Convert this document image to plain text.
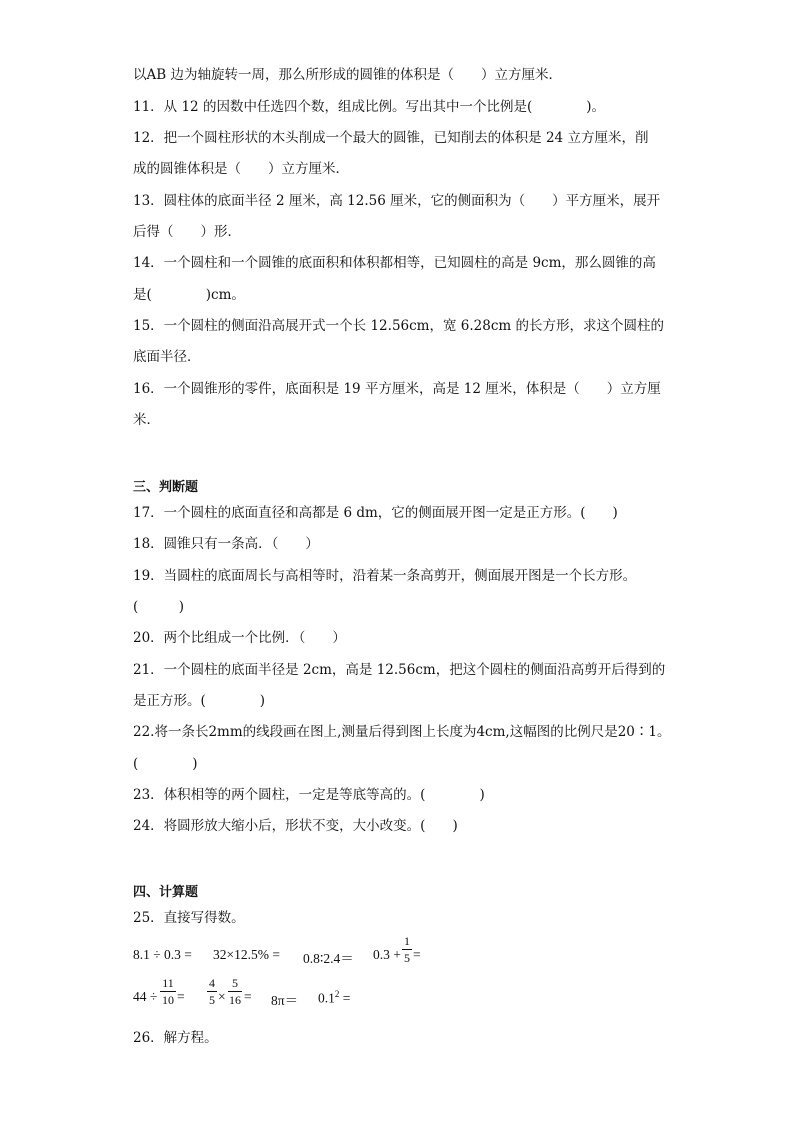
以AB 边为轴旋转一周，那么所形成的圆锥的体积是（　　）立方厘米．
11．从 12 的因数中任选四个数，组成比例。写出其中一个比例是(　　　　)。
12．把一个圆柱形状的木头削成一个最大的圆锥，已知削去的体积是 24 立方厘米，削
成的圆锥体积是（　　）立方厘米．
13．圆柱体的底面半径 2 厘米，高 12.56 厘米，它的侧面积为（　　）平方厘米，展开
后得（　　）形．
14．一个圆柱和一个圆锥的底面积和体积都相等，已知圆柱的高是 9cm，那么圆锥的高
是(　　　　)cm。
15．一个圆柱的侧面沿高展开式一个长 12.56cm，宽 6.28cm 的长方形，求这个圆柱的
底面半径．
16．一个圆锥形的零件，底面积是 19 平方厘米，高是 12 厘米，体积是（　　）立方厘
米．
三、判断题
17．一个圆柱的底面直径和高都是 6 dm，它的侧面展开图一定是正方形。(　　)
18．圆锥只有一条高．（　　）
19．当圆柱的底面周长与高相等时，沿着某一条高剪开，侧面展开图是一个长方形。
(　　　)
20．两个比组成一个比例．（　　）
21．一个圆柱的底面半径是 2cm，高是 12.56cm，把这个圆柱的侧面沿高剪开后得到的
是正方形。(　　　　)
22.将一条长2mm的线段画在图上,测量后得到图上长度为4cm,这幅图的比例尺是20∶1。
(　　　　)
23．体积相等的两个圆柱，一定是等底等高的。(　　　　)
24．将圆形放大缩小后，形状不变，大小改变。(　　)
四、计算题
25．直接写得数。
8.1 ÷ 0.3 = 32×12.5% = 0.8∶2.4＝ 0.3 +
1
5 =
44 ÷
11
10 =
4
5 ×
5
$16 = 8\pi= 0.1^2$ =
26．解方程。
